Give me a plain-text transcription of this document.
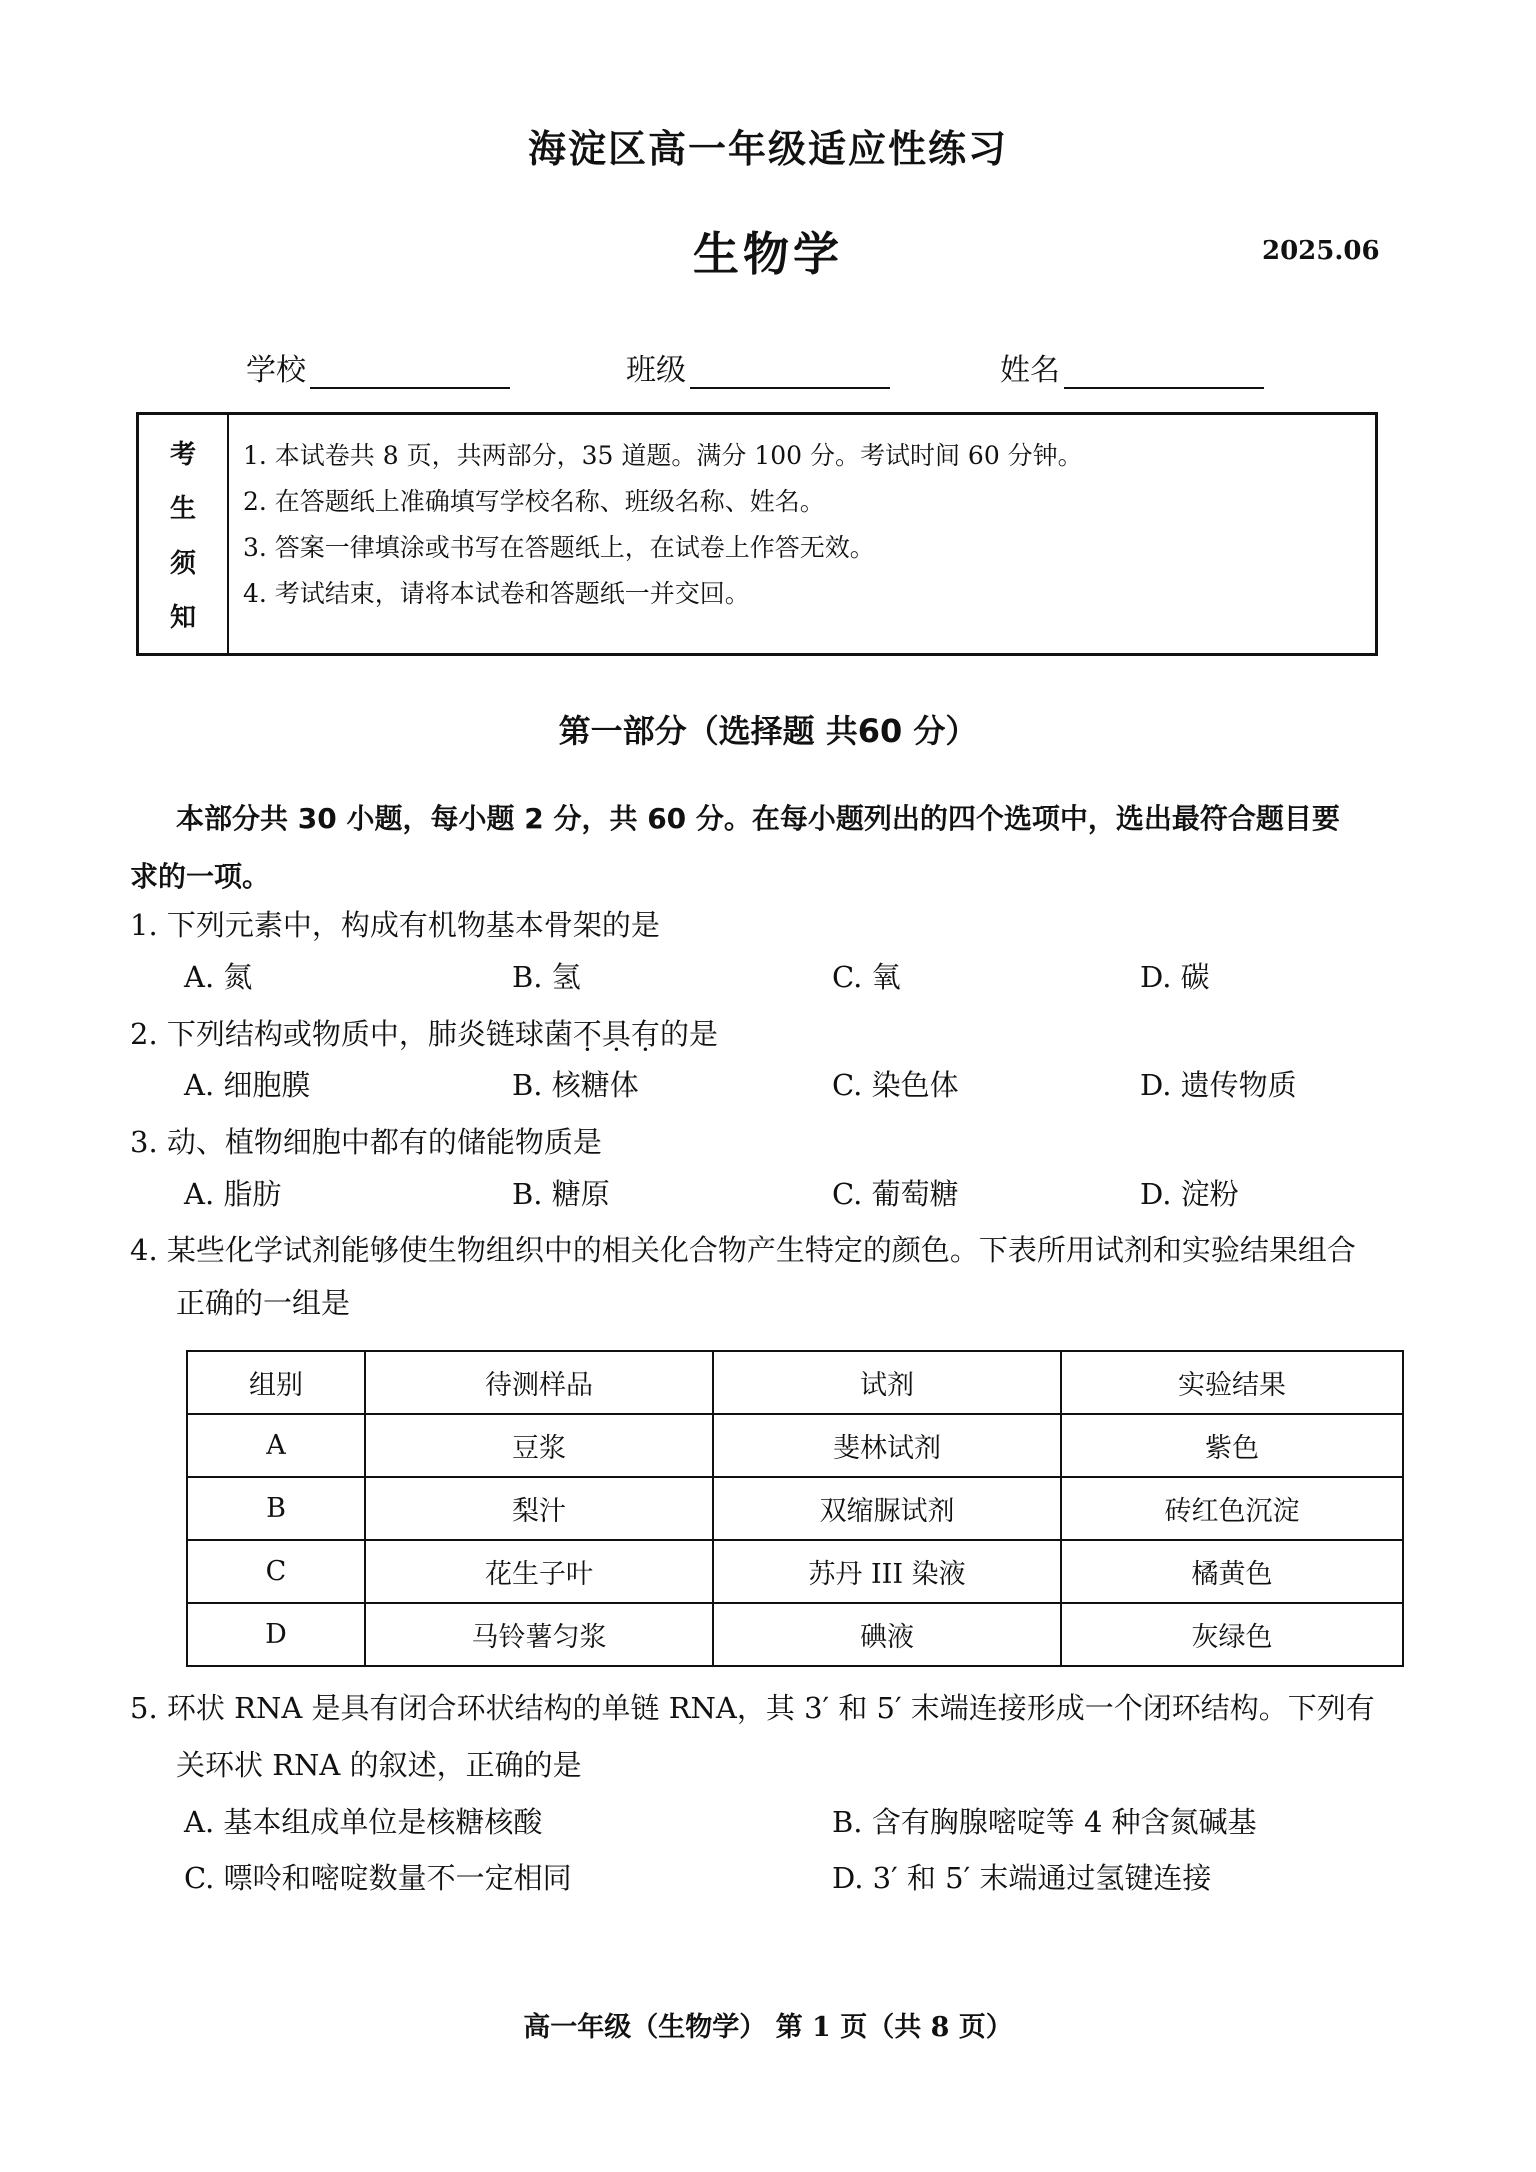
海淀区高一年级适应性练习
生物学	2025.06
学校	班级	姓名
考
生
须
知
1. 本试卷共 8 页，共两部分，35 道题。满分 100 分。考试时间 60 分钟。
2. 在答题纸上准确填写学校名称、班级名称、姓名。
3. 答案一律填涂或书写在答题纸上，在试卷上作答无效。
4. 考试结束，请将本试卷和答题纸一并交回。
第一部分（选择题 共60 分）
本部分共 30 小题，每小题 2 分，共 60 分。在每小题列出的四个选项中，选出最符合题目要
求的一项。
1. 下列元素中，构成有机物基本骨架的是
A. 氮	B. 氢	C. 氧	D. 碳
2. 下列结构或物质中，肺炎链球菌不具有的是
A. 细胞膜	B. 核糖体	C. 染色体	D. 遗传物质
3. 动、植物细胞中都有的储能物质是
A. 脂肪	B. 糖原	C. 葡萄糖	D. 淀粉
4. 某些化学试剂能够使生物组织中的相关化合物产生特定的颜色。下表所用试剂和实验结果组合
正确的一组是
组别	待测样品	试剂	实验结果
A	豆浆	斐林试剂	紫色
B	梨汁	双缩脲试剂	砖红色沉淀
C	花生子叶	苏丹 III 染液	橘黄色
D	马铃薯匀浆	碘液	灰绿色
5. 环状 RNA 是具有闭合环状结构的单链 RNA，其 3′ 和 5′ 末端连接形成一个闭环结构。下列有
关环状 RNA 的叙述，正确的是
A. 基本组成单位是核糖核酸	B. 含有胸腺嘧啶等 4 种含氮碱基
C. 嘌呤和嘧啶数量不一定相同	D. 3′ 和 5′ 末端通过氢键连接
高一年级（生物学） 第 1 页（共 8 页）
